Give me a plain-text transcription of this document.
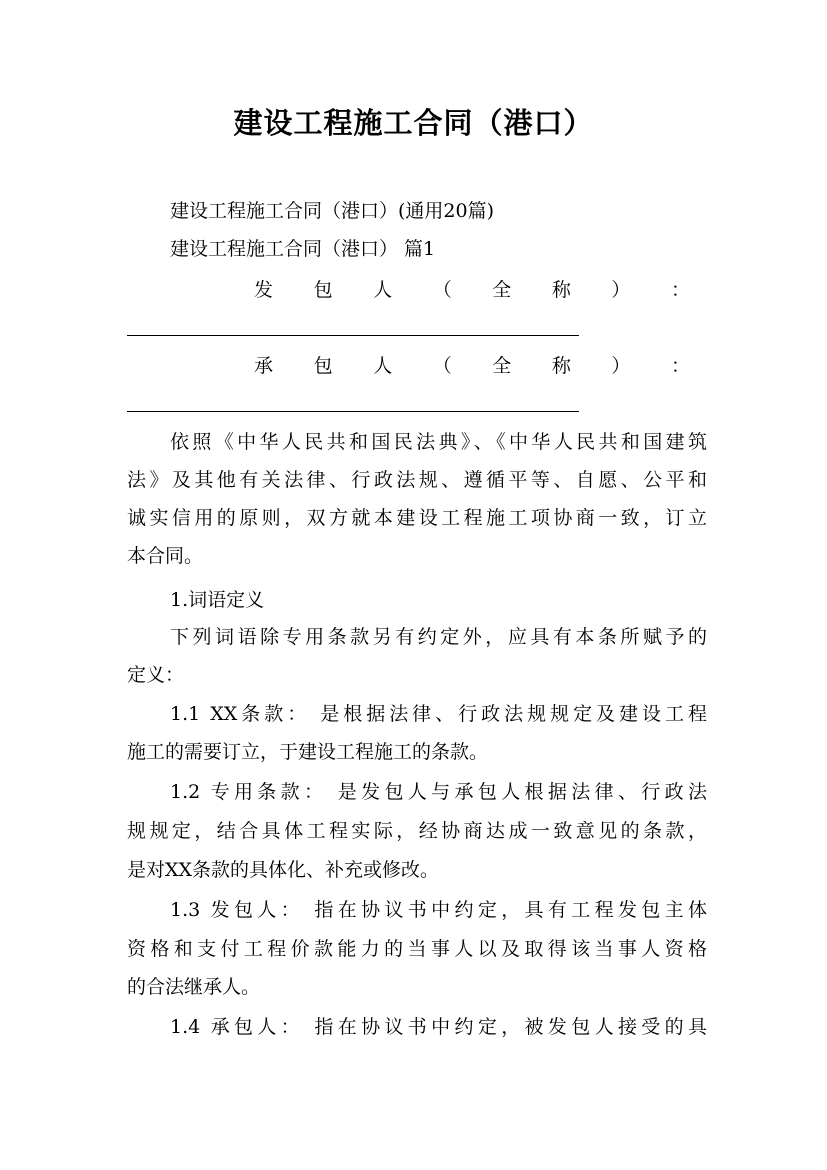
建设工程施工合同（港口）
建设工程施工合同（港口）(通用20篇)
建设工程施工合同（港口） 篇1
发 包 人 （ 全 称 ） ：
承 包 人 （ 全 称 ） ：
依照《中华人民共和国民法典》、《中华人民共和国建筑
法》及其他有关法律、行政法规、遵循平等、自愿、公平和
诚实信用的原则，双方就本建设工程施工项协商一致，订立
本合同。
1.词语定义
下列词语除专用条款另有约定外，应具有本条所赋予的
定义：
1.1 XX条款： 是根据法律、行政法规规定及建设工程
施工的需要订立，于建设工程施工的条款。
1.2 专用条款： 是发包人与承包人根据法律、行政法
规规定，结合具体工程实际，经协商达成一致意见的条款，
是对XX条款的具体化、补充或修改。
1.3 发包人： 指在协议书中约定，具有工程发包主体
资格和支付工程价款能力的当事人以及取得该当事人资格
的合法继承人。
1.4 承包人： 指在协议书中约定，被发包人接受的具
